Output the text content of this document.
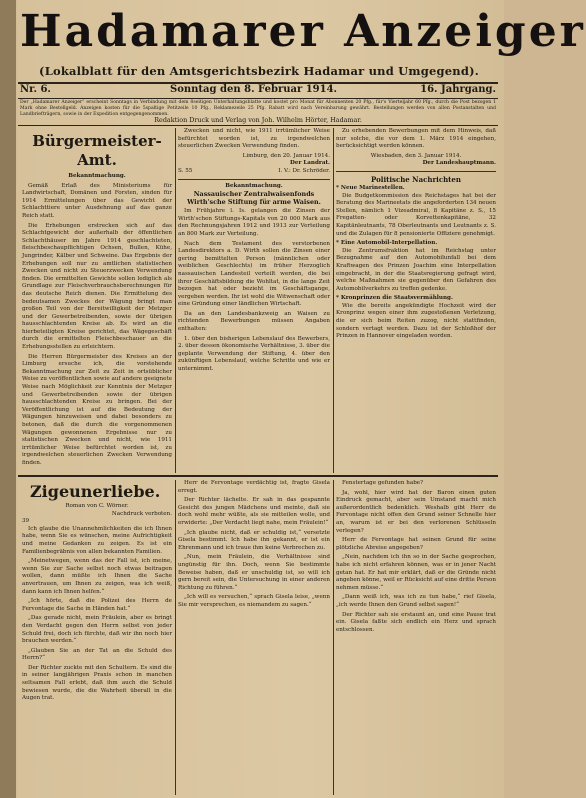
Hadamarer Anzeiger
(Lokalblatt für den Amtsgerichtsbezirk Hadamar und Umgegend).
Nr. 6.	Sonntag den 8. Februar 1914.	16. Jahrgang.
Der „Hadamarer Anzeiger“ erscheint Sonntags in Verbindung mit dem 8seitigen Unterhaltungsblatte und kostet pro Monat für Abonnenten 20 Pfg., für's Vierteljahr 60 Pfg., durch die Post bezogen 1 Mark ohne Bestellgeld. Anzeigen kosten für die 5spaltige Petitzeile 10 Pfg., Reklamezeile 25 Pfg. Rabatt wird nach Vereinbarung gewährt. Bestellungen werden von allen Postanstalten und Landbriefträgern, sowie in der Expedition entgegengenommen.
Redaktion Druck und Verlag von Joh. Wilhelm Hörter, Hadamar.
Bürgermeister-Amt.
Bekanntmachung.

Gemäß Erlaß des Ministeriums für Landwirtschaft, Domänen und Forsten, sinden für 1914 Ermittelungen über das Gewicht der Schlachttiere unter Ausdehnung auf das ganze Reich statt.

Die Erhebungen erstrecken sich auf das Schlachtgewicht der außerhalb der öffentlichen Schlachthäuser im Jahre 1914 geschlachteten, fleischbeschaupflichtigen Ochsen, Bullen, Kühe, Jungrinder, Kälber und Schweine. Das Ergebnis der Erhebungen soll nur zu amtlichen statistischen Zwecken und nicht zu Steuerzwecken Verwendung finden. Die ermittelten Gewichte sollen lediglich als Grundlage zur Fleischverbrauchsberechnungen für das deutsche Reich dienen. Die Ermittelung des bedeutsamen Zweckes der Wägung bringt man großen Teil von der Bereitwilligkeit der Metzger und der Gewerbetreibenden, sowie der übrigen hausschlachtenden Kreise ab. Es wird an die hierbeteiligten Kreise gerichtet, das Wägegeschäft durch die ermittelten Fleischbeschauer an die Erhebungsstellen zu erleichtern.

Die Herren Bürgermeister des Kreises an der Limburg ersuche ich, die vorstehende Bekanntmachung zur Zeit zu Zeit in ortsüblicher Weise zu veröffentlichen sowie auf andere geeignete Weise nach Möglichkeit zur Kenntnis der Metzger und Gewerbetreibenden sowie der übrigen hausschlachtenden Kreise zu bringen. Bei der Veröffentlichung ist auf die Bedeutung der Wägungen hinzuweisen und dabei besonders zu betonen, daß die durch die vorgenommenen Wägungen gewonnenen Ergebnisse nur zu statistischen Zwecken und nicht, wie 1911 irrtümlicher Weise befürchtet worden ist, zu irgendwelchen steuerlichen Zwecken Verwendung finden.

Zwecken und nicht, wie 1911 irrtümlicher Weise befürchtet worden ist, zu irgendwelchen steuerlichen Zwecken Verwendung finden.

Limburg, den 20. Januar 1914.
Der Landrat.
S. 55	I. V.: Dr. Schröder.
Bekanntmachung.
Nassauischer Zentralwaisenfonds Wirth'sche Stiftung für arme Waisen.

Im Frühjahre l. Is. gelangen die Zinsen der Wirth'schen Stiftungs-Kapitals von 20 000 Mark aus den Rechnungsjahren 1912 und 1913 zur Verteilung an 800 Mark zur Verteilung.

Nach dem Testament des verstorbenen Landesdirektors a. D. Wirth sollen die Zinsen einer gering bemittelten Person (männlichen oder weiblichen Geschlechts) im früher Herzoglich nassauischen Landesteil verteilt werden, die bei ihrer Geschäftsbildung die Wohltat, in die lange Zeit bezogen hat oder bezieht im Geschäftsgange, vergeben werden. Ihr ist wohl die Witwenschaft oder eine Gründung einer ländlichen Wirtschaft.

Da an den Landesbankzweig an Waisen zu richtenden Bewerbungen müssen Angaben enthalten:

1. über den bisherigen Lebenslauf des Bewerbers, 2. über dessen ökonomische Verhältnisse, 3. über die geplante Verwendung der Stiftung, 4. über den zukünftigen Lebenslauf, welche Schritte und wie er unternimmt.

Zu erhebenden Bewerbungen mit dem Hinweis, daß nur solche, die vor dem 1. März 1914 eingehen, berücksichtigt werden können.

Wiesbaden, den 3. Januar 1914.
Der Landeshauptmann.
Politische Nachrichten
* Neue Marinestellen.

Die Budgetkommission des Reichstages hat bei der Beratung des Marineetats die angeforderten 134 neuen Stellen, nämlich 1 Vizeadmiral, 8 Kapitäne z. S., 15 Fregatten- oder Korvettenkapitäne, 32 Kapitänleutnants, 78 Oberleutnants und Leutnants z. S. und die Zulagen für 8 pensionierte Offiziere genehmigt.

* Eine Automobil-Interpellation.

Die Zentrumsfraktion hat im Reichstag unter Bezugnahme auf den Automobilunfall bei dem Kraftwagen des Prinzen Joachim eine Interpellation eingebracht, in der die Staatsregierung gefragt wird, welche Maßnahmen sie gegenüber den Gefahren des Automobilverkehrs zu treffen gedenke.

* Kronprinzen die Staatsvermählung.

Wie die bereits angekündigte Hochzeit wird der Kronprinz wegen einer ihm zugestoßenen Verletzung, die er sich beim Reiten zuzog, nicht stattfinden, sondern vertagt werden. Dazu ist der Schloßhof der Prinzen in Hannover eingeladen worden.

Zigeunerliebe.
Roman von C. Wörner.
Nachdruck verboten.
39

Ich glaube die Unannehmlichkeiten die ich Ihnen habe, wenn Sie es wünschen, meine Aufrichtigkeit und meine Gedanken zu zeigen. Es ist ein Familienbegräbnis von allen bekannten Familien.

„Meinetwegen, wenn das der Fall ist, ich meine, wenn Sie zur Sache selbst noch etwas beitragen wollen, dann müßte ich Ihnen die Sache anvertrauen, um Ihnen zu zeigen, was ich weiß, dann kann ich Ihnen helfen.“

„Ich hörte, daß die Polizei des Herrn de Fervontage die Sache in Händen hat.“

„Das gerade nicht, mein Fräulein, aber es bringt den Verdacht gegen den Herrn selbst von jeder Schuld frei, doch ich fürchte, daß wir ihn noch hier brauchen werden.“

„Glauben Sie an der Tat an die Schuld des Herrn?“

Der Richter zuckte mit den Schultern. Es sind die in seiner langjährigen Praxis schon in manchen seltsamen Fall erlebt, daß ihm auch die Schuld bewiesen wurde, die die Wahrheit überall in die Augen trat.

Herr de Fervontage verdächtig ist, fragte Gisela erregt.

Der Richter lächelte. Er sah in das gespannte Gesicht des jungen Mädchens und meinte, daß sie doch wohl mehr wüßte, als sie mitteilen wolle, und erwiderte: „Der Verdacht liegt nahe, mein Fräulein!“

„Ich glaube nicht, daß er schuldig ist,“ versetzte Gisela bestimmt. Ich habe ihn gekannt, er ist ein Ehrenmann und ich traue ihm keine Verbrechen zu.

„Nun, mein Fräulein, die Verhältnisse sind ungünstig für ihn. Doch, wenn Sie bestimmte Beweise haben, daß er unschuldig ist, so will ich gern bereit sein, die Untersuchung in einer anderen Richtung zu führen.“

„Ich will es versuchen,“ sprach Gisela leise, „wenn Sie mir versprechen, es niemandem zu sagen.“

Fenstertage gefunden habe?

Ja, wohl, hier wird hat der Baron einen guten Eindruck gemacht, aber sein Umstand macht mich außerordentlich bedenklich. Weshalb gibt Herr de Fervontage nicht offen den Grund seiner Schnelle hier an, warum ist er bei den verlorenen Schlüsseln verlegen?

Herr de Fervontage hat seinen Grund für seine plötzliche Abreise angegeben?

„Nein, nachdem ich ihn so in der Sache gesprochen, habe ich nicht erfahren können, was er in jener Nacht getan hat. Er hat mir erklärt, daß er die Gründe nicht angeben könne, weil er Rücksicht auf eine dritte Person nehmen müsse.“

„Dann weiß ich, was ich zu tun habe,“ rief Gisela, „ich werde Ihnen den Grund selbst sagen!“

Der Richter sah sie erstaunt an, und eine Pause trat ein. Gisela faßte sich endlich ein Herz und sprach entschlossen.
